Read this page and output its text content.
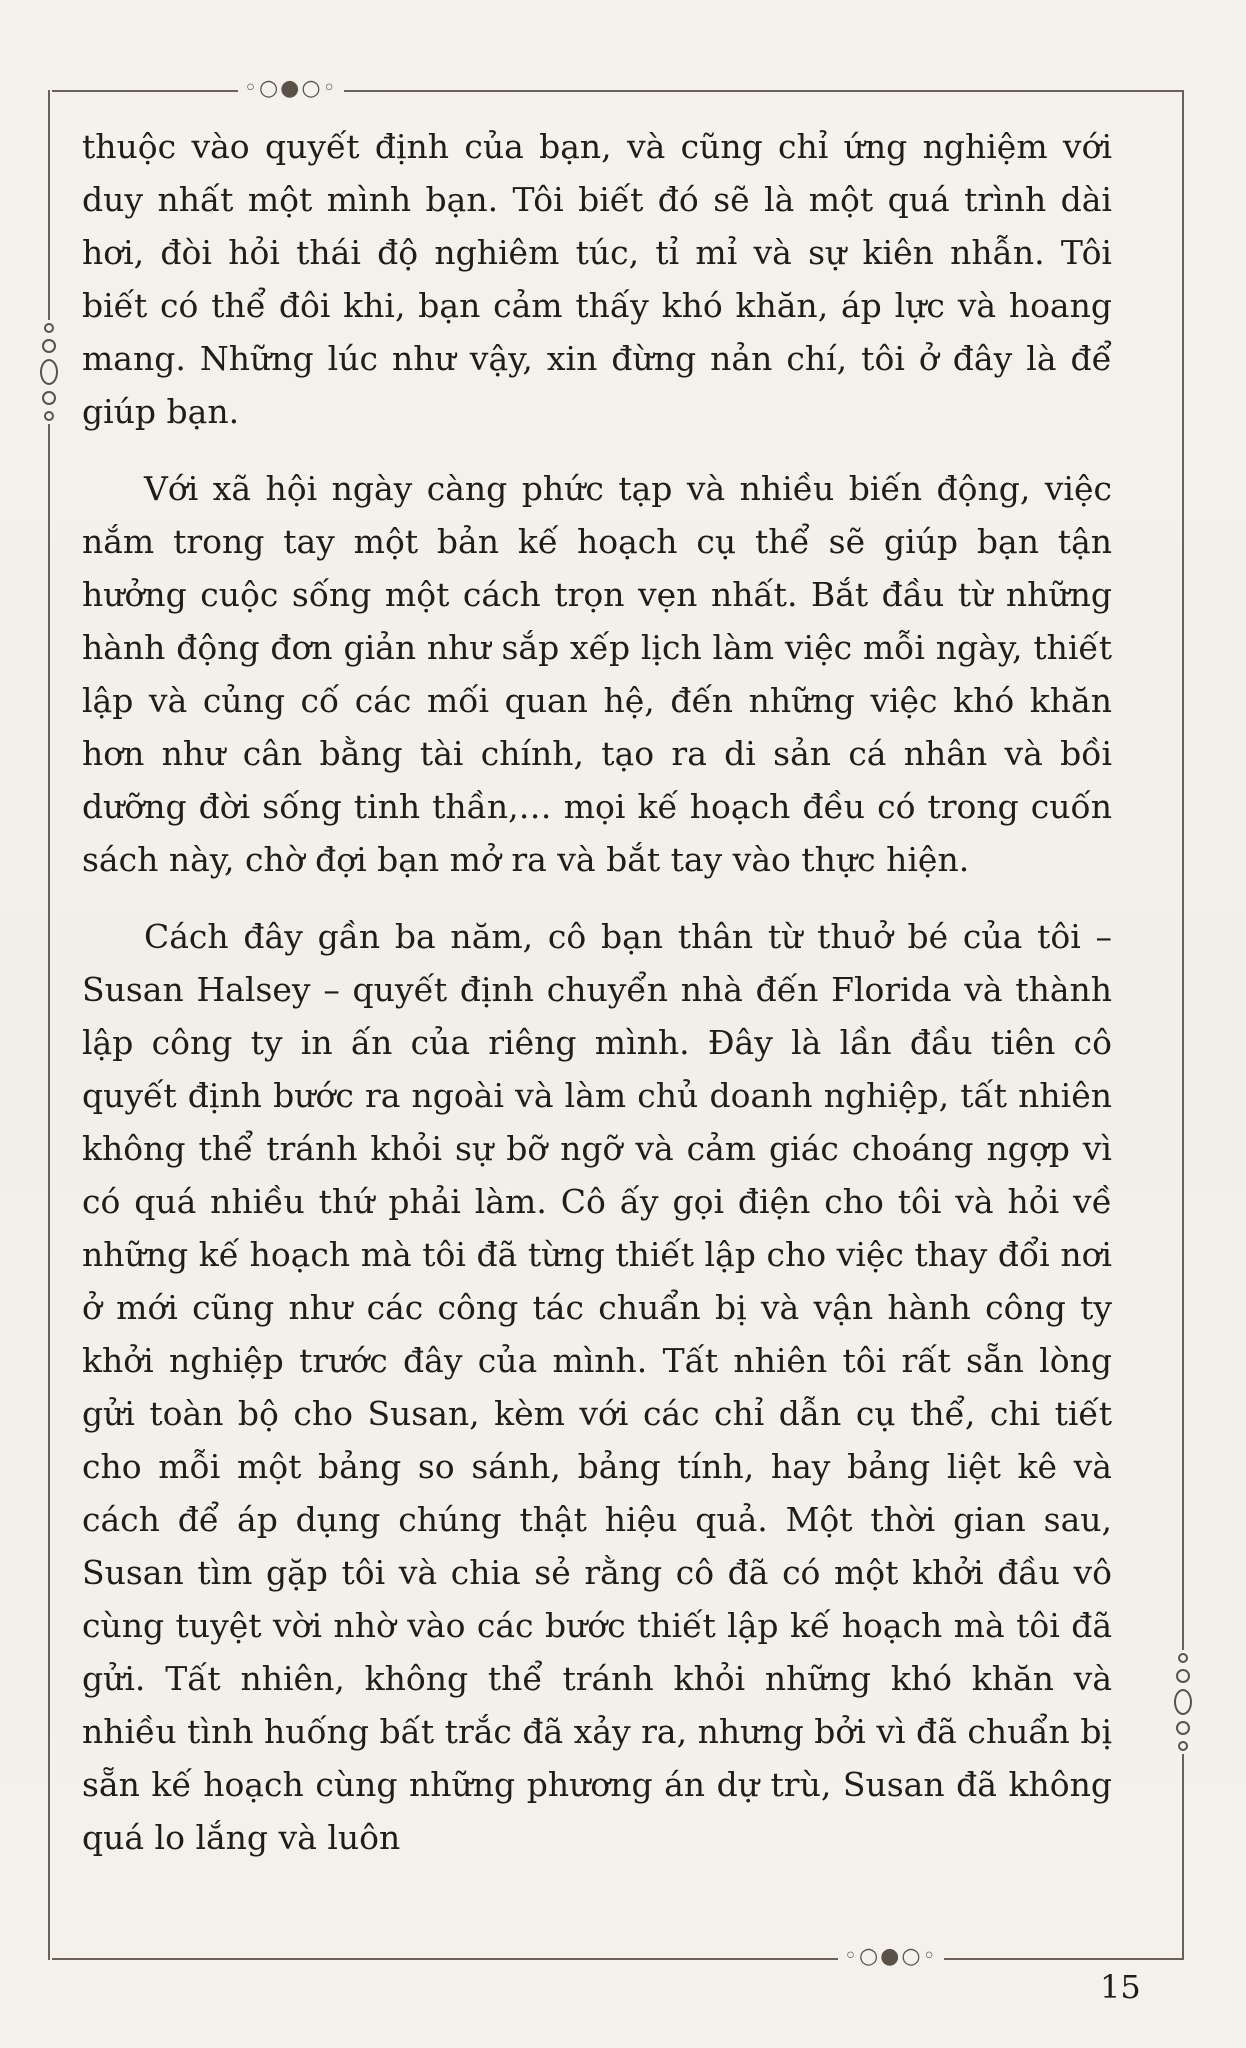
◦○●○◦
◦○●○◦

thuộc vào quyết định của bạn, và cũng chỉ ứng nghiệm với duy nhất một mình bạn. Tôi biết đó sẽ là một quá trình dài hơi, đòi hỏi thái độ nghiêm túc, tỉ mỉ và sự kiên nhẫn. Tôi biết có thể đôi khi, bạn cảm thấy khó khăn, áp lực và hoang mang. Những lúc như vậy, xin đừng nản chí, tôi ở đây là để giúp bạn.

Với xã hội ngày càng phức tạp và nhiều biến động, việc nắm trong tay một bản kế hoạch cụ thể sẽ giúp bạn tận hưởng cuộc sống một cách trọn vẹn nhất. Bắt đầu từ những hành động đơn giản như sắp xếp lịch làm việc mỗi ngày, thiết lập và củng cố các mối quan hệ, đến những việc khó khăn hơn như cân bằng tài chính, tạo ra di sản cá nhân và bồi dưỡng đời sống tinh thần,… mọi kế hoạch đều có trong cuốn sách này, chờ đợi bạn mở ra và bắt tay vào thực hiện.

Cách đây gần ba năm, cô bạn thân từ thuở bé của tôi – Susan Halsey – quyết định chuyển nhà đến Florida và thành lập công ty in ấn của riêng mình. Đây là lần đầu tiên cô quyết định bước ra ngoài và làm chủ doanh nghiệp, tất nhiên không thể tránh khỏi sự bỡ ngỡ và cảm giác choáng ngợp vì có quá nhiều thứ phải làm. Cô ấy gọi điện cho tôi và hỏi về những kế hoạch mà tôi đã từng thiết lập cho việc thay đổi nơi ở mới cũng như các công tác chuẩn bị và vận hành công ty khởi nghiệp trước đây của mình. Tất nhiên tôi rất sẵn lòng gửi toàn bộ cho Susan, kèm với các chỉ dẫn cụ thể, chi tiết cho mỗi một bảng so sánh, bảng tính, hay bảng liệt kê và cách để áp dụng chúng thật hiệu quả. Một thời gian sau, Susan tìm gặp tôi và chia sẻ rằng cô đã có một khởi đầu vô cùng tuyệt vời nhờ vào các bước thiết lập kế hoạch mà tôi đã gửi. Tất nhiên, không thể tránh khỏi những khó khăn và nhiều tình huống bất trắc đã xảy ra, nhưng bởi vì đã chuẩn bị sẵn kế hoạch cùng những phương án dự trù, Susan đã không quá lo lắng và luôn

15
